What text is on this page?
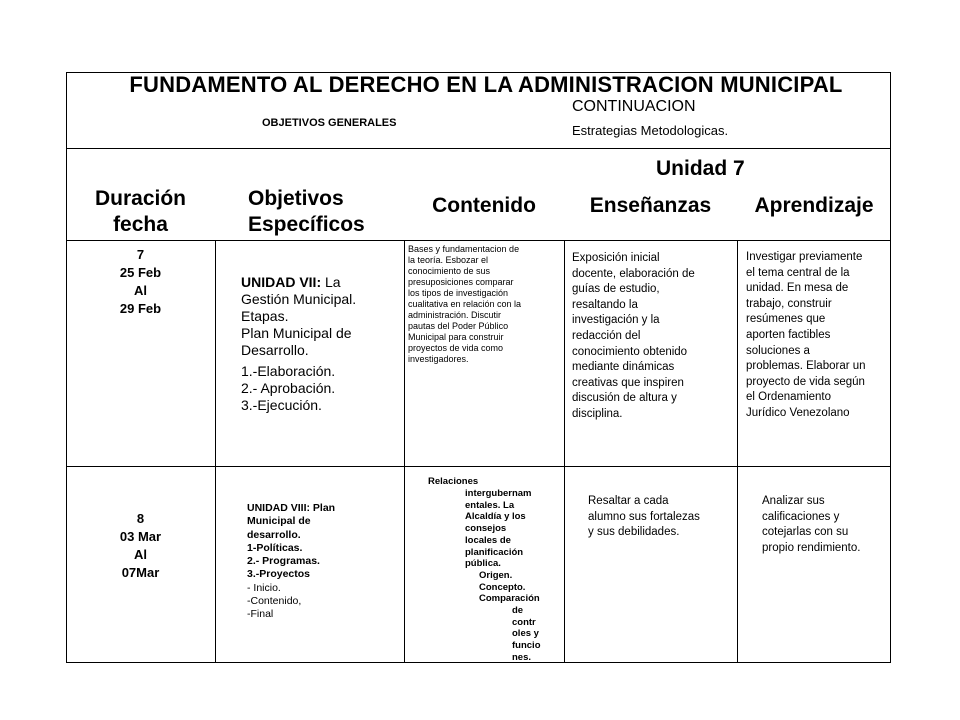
FUNDAMENTO AL DERECHO EN LA ADMINISTRACION MUNICIPAL
OBJETIVOS GENERALES
CONTINUACION
Estrategias Metodologicas.
Unidad 7
Duración
fecha
Objetivos
Específicos
Contenido	Enseñanzas	Aprendizaje
7
25 Feb
Al
29 Feb
UNIDAD VII: La
Gestión Municipal.
Etapas.
Plan Municipal de
Desarrollo.
1.-Elaboración.
2.- Aprobación.
3.-Ejecución.
Bases y fundamentacion de
la teoría. Esbozar el
conocimiento de sus
presuposiciones comparar
los tipos de investigación
cualitativa en relación con la
administración. Discutir
pautas del Poder Público
Municipal para construir
proyectos de vida como
investigadores.
Exposición inicial
docente, elaboración de
guías de estudio,
resaltando la
investigación y la
redacción del
conocimiento obtenido
mediante dinámicas
creativas que inspiren
discusión de altura y
disciplina.
Investigar previamente
el tema central de la
unidad. En mesa de
trabajo, construir
resúmenes que
aporten factibles
soluciones a
problemas. Elaborar un
proyecto de vida según
el Ordenamiento
Jurídico Venezolano
8
03 Mar
Al
07Mar
UNIDAD VIII: Plan
Municipal de
desarrollo.
1-Políticas.
2.- Programas.
3.-Proyectos
- Inicio.
-Contenido,
-Final
Relaciones
intergubernam
entales. La
Alcaldía y los
consejos
locales de
planificación
pública.
Origen.
Concepto.
Comparación
de
contr
oles y
funcio
nes.
Resaltar a cada
alumno sus fortalezas
y sus debilidades.
Analizar sus
calificaciones y
cotejarlas con su
propio rendimiento.
